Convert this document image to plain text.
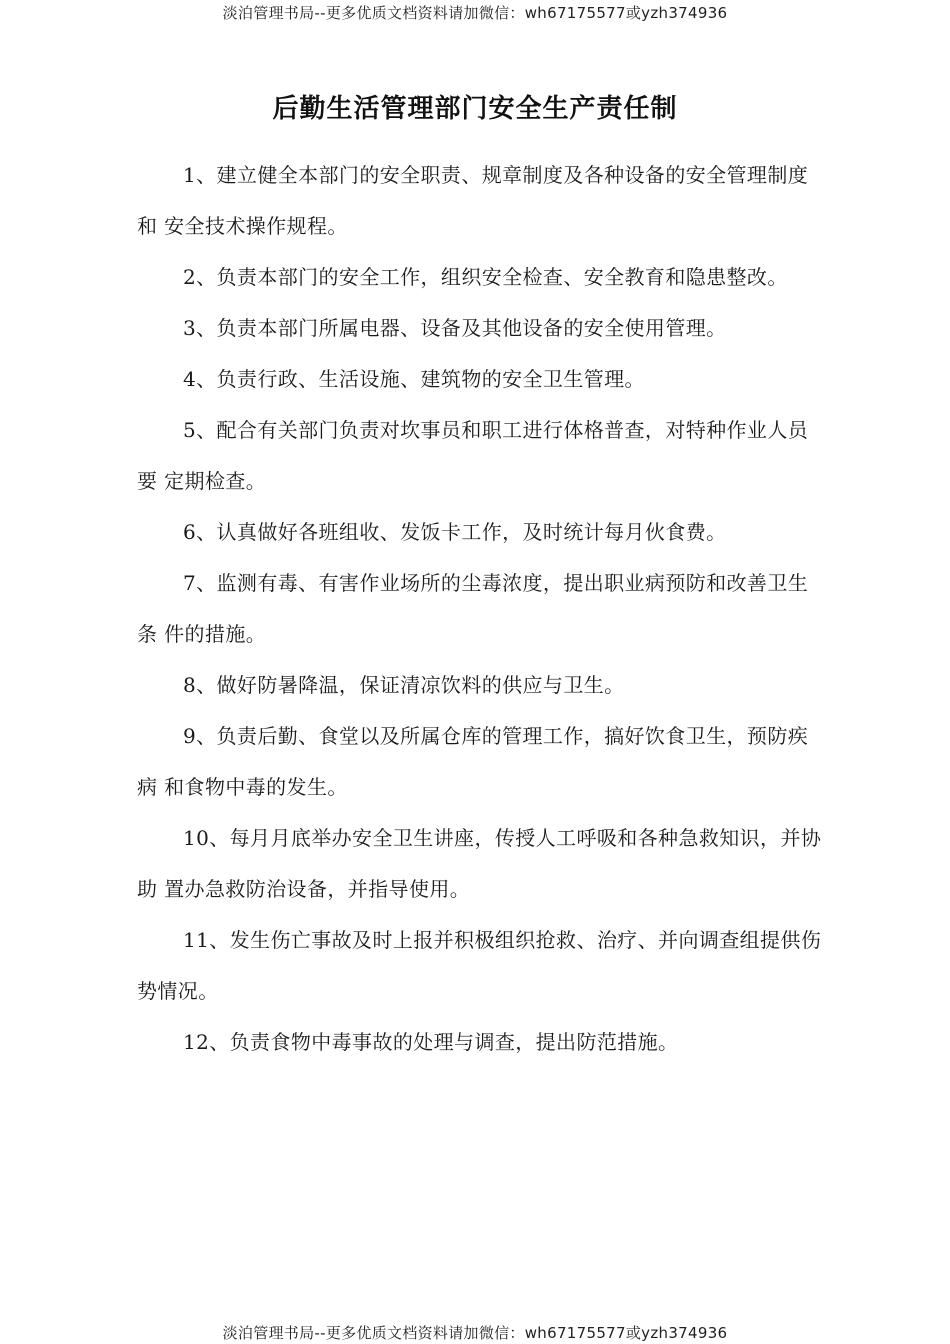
淡泊管理书局--更多优质文档资料请加微信：wh67175577或yzh374936
后勤生活管理部门安全生产责任制

1、建立健全本部门的安全职责、规章制度及各种设备的安全管理制度和 安全技术操作规程。

2、负责本部门的安全工作，组织安全检查、安全教育和隐患整改。

3、负责本部门所属电器、设备及其他设备的安全使用管理。

4、负责行政、生活设施、建筑物的安全卫生管理。

5、配合有关部门负责对坎事员和职工进行体格普查，对特种作业人员要 定期检查。

6、认真做好各班组收、发饭卡工作，及时统计每月伙食费。

7、监测有毒、有害作业场所的尘毒浓度，提出职业病预防和改善卫生条 件的措施。

8、做好防暑降温，保证清凉饮料的供应与卫生。

9、负责后勤、食堂以及所属仓库的管理工作，搞好饮食卫生，预防疾病 和食物中毒的发生。

10、每月月底举办安全卫生讲座，传授人工呼吸和各种急救知识，并协助 置办急救防治设备，并指导使用。

11、发生伤亡事故及时上报并积极组织抢救、治疗、并向调查组提供伤势情况。

12、负责食物中毒事故的处理与调查，提出防范措施。

淡泊管理书局--更多优质文档资料请加微信：wh67175577或yzh374936
